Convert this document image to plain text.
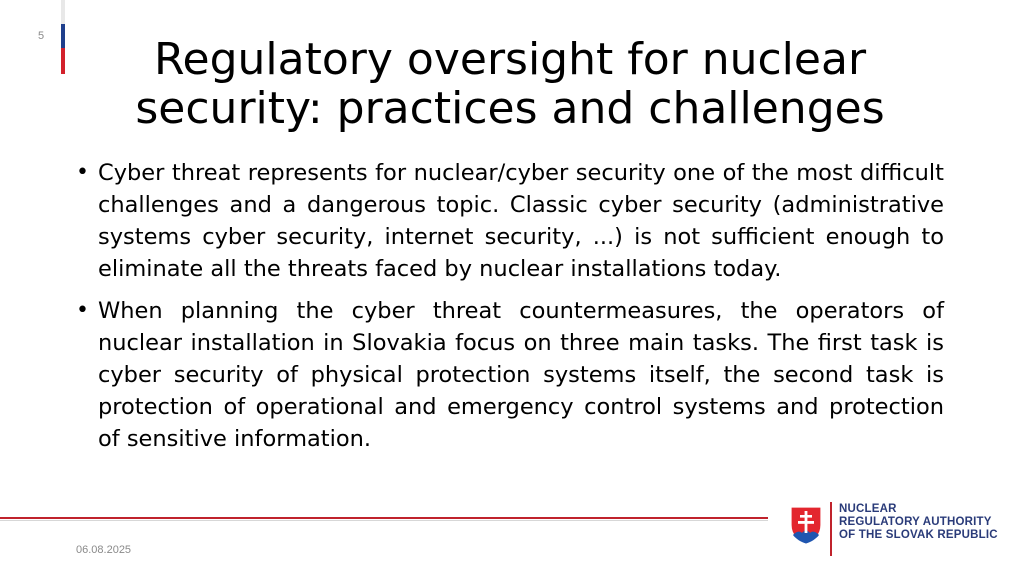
5	Regulatory oversight for nuclear security: practices and challenges
• Cyber threat represents for nuclear/cyber security one of the most difficult challenges and a dangerous topic. Classic cyber security (administrative systems cyber security, internet security, ...) is not sufficient enough to eliminate all the threats faced by nuclear installations today.
• When planning the cyber threat countermeasures, the operators of nuclear installation in Slovakia focus on three main tasks. The first task is cyber security of physical protection systems itself, the second task is protection of operational and emergency control systems and protection of sensitive information.
06.08.2025
NUCLEAR
REGULATORY AUTHORITY
OF THE SLOVAK REPUBLIC
